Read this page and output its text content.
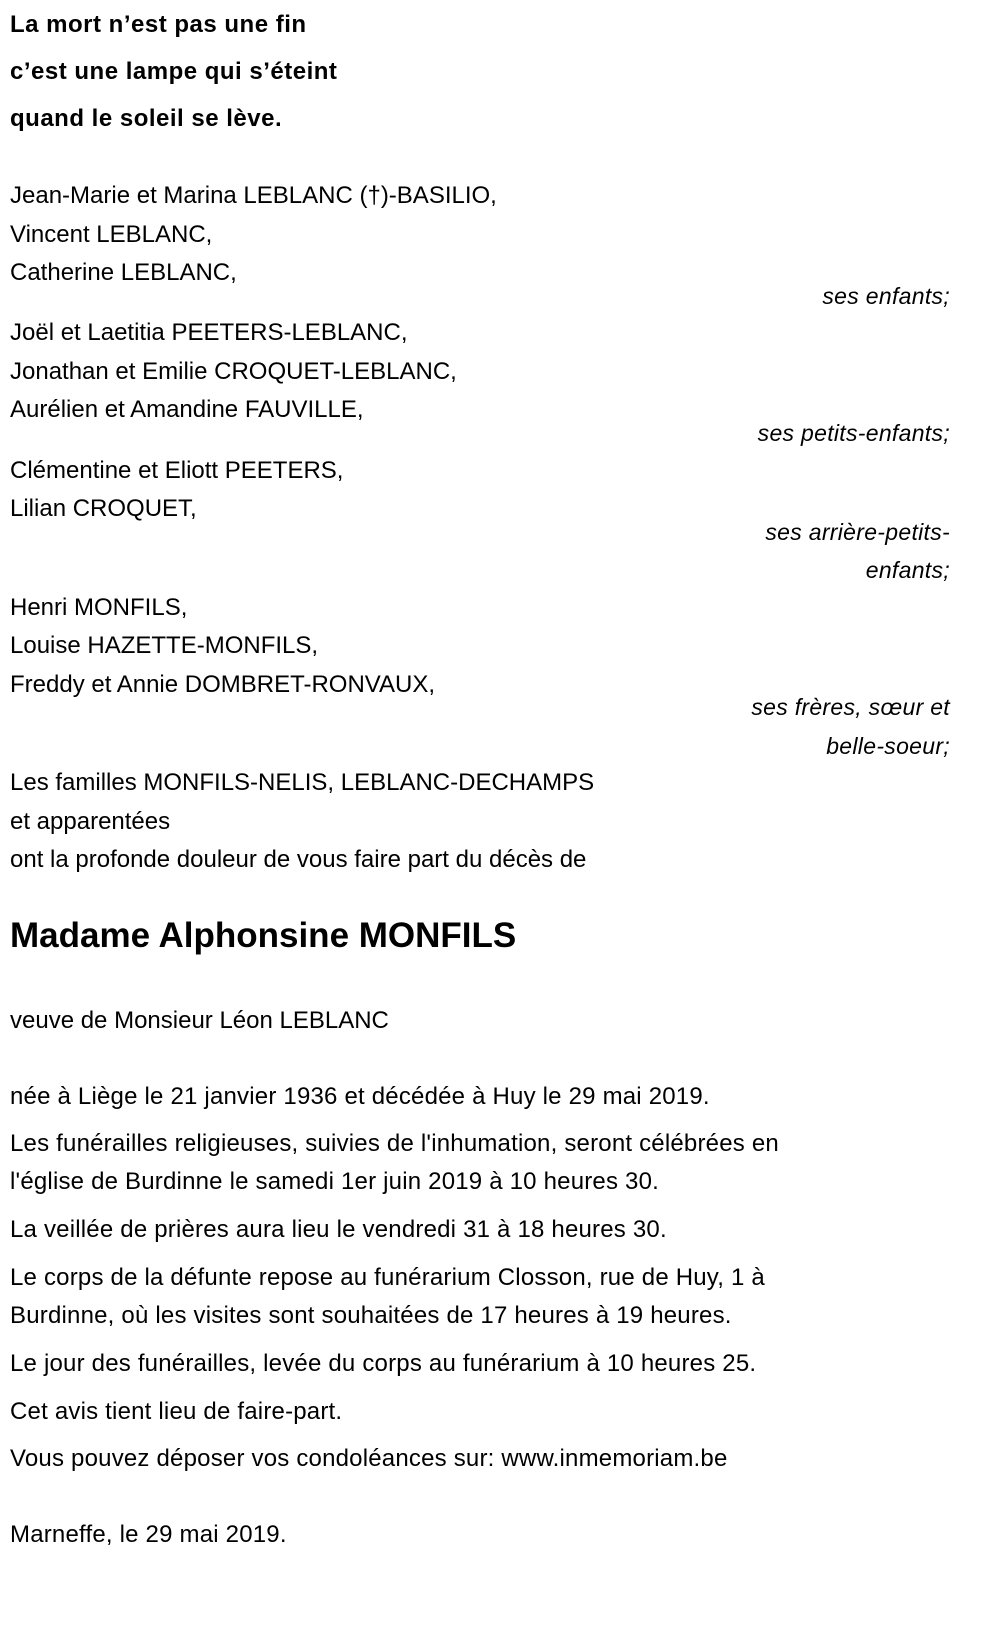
La mort n’est pas une fin
c’est une lampe qui s’éteint
quand le soleil se lève.
Jean-Marie et Marina LEBLANC (†)-BASILIO,
Vincent LEBLANC,
Catherine LEBLANC,
ses enfants;
Joël et Laetitia PEETERS-LEBLANC,
Jonathan et Emilie CROQUET-LEBLANC,
Aurélien et Amandine FAUVILLE,
ses petits-enfants;
Clémentine et Eliott PEETERS,
Lilian CROQUET,
ses arrière-petits-
enfants;
Henri MONFILS,
Louise HAZETTE-MONFILS,
Freddy et Annie DOMBRET-RONVAUX,
ses frères, sœur et
belle-soeur;
Les familles MONFILS-NELIS, LEBLANC-DECHAMPS
et apparentées
ont la profonde douleur de vous faire part du décès de
Madame Alphonsine MONFILS
veuve de Monsieur Léon LEBLANC
née à Liège le 21 janvier 1936 et décédée à Huy le 29 mai 2019.
Les funérailles religieuses, suivies de l'inhumation, seront célébrées en
l'église de Burdinne le samedi 1er juin 2019 à 10 heures 30.
La veillée de prières aura lieu le vendredi 31 à 18 heures 30.
Le corps de la défunte repose au funérarium Closson, rue de Huy, 1 à
Burdinne, où les visites sont souhaitées de 17 heures à 19 heures.
Le jour des funérailles, levée du corps au funérarium à 10 heures 25.
Cet avis tient lieu de faire-part.
Vous pouvez déposer vos condoléances sur: www.inmemoriam.be
Marneffe, le 29 mai 2019.
